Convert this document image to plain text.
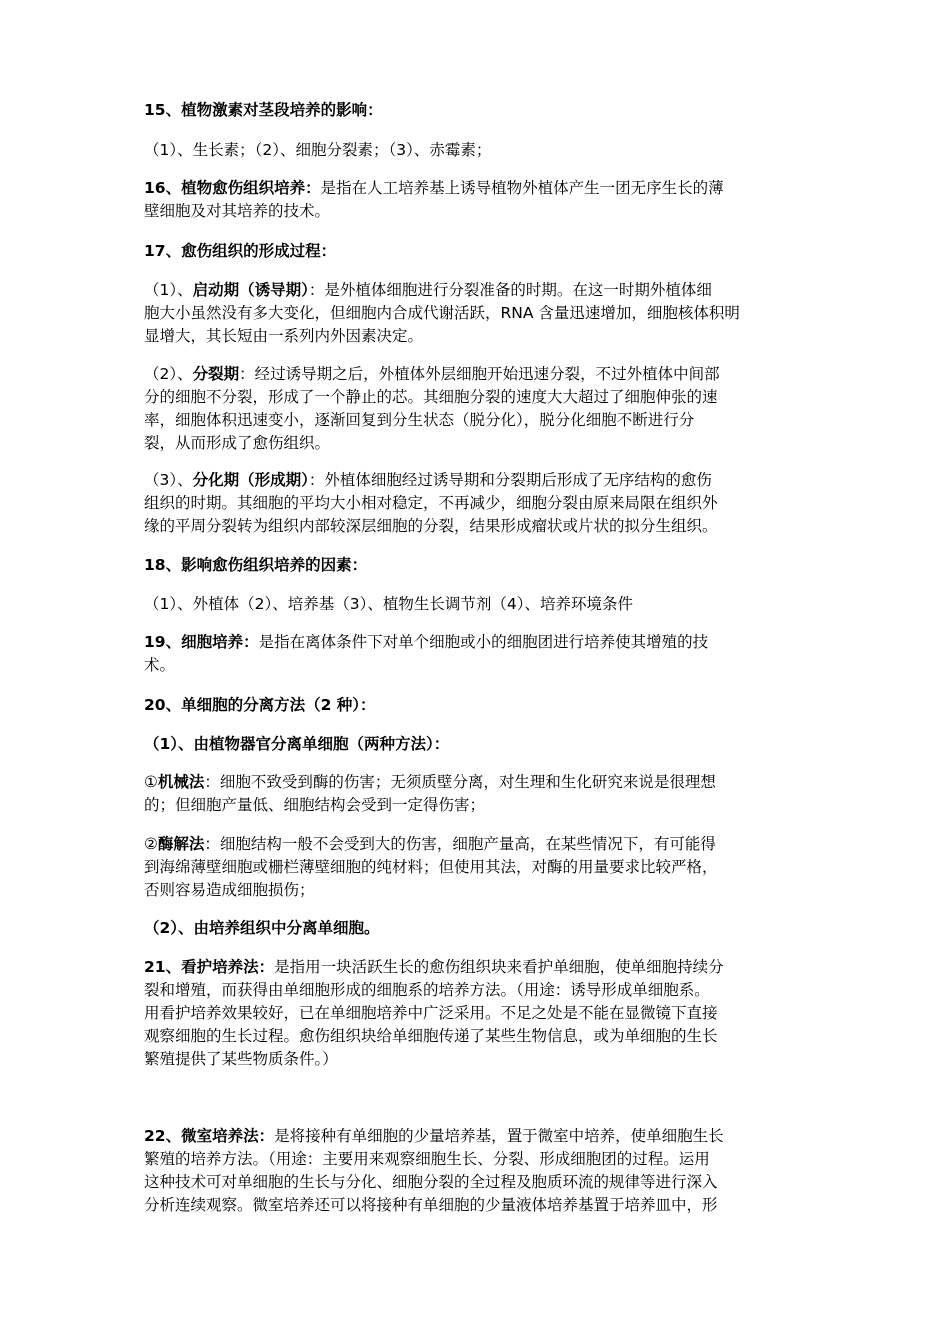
15、植物激素对茎段培养的影响：
（1）、生长素；（2）、细胞分裂素；（3）、赤霉素；
16、植物愈伤组织培养：是指在人工培养基上诱导植物外植体产生一团无序生长的薄
壁细胞及对其培养的技术。
17、愈伤组织的形成过程：
（1）、启动期（诱导期）：是外植体细胞进行分裂准备的时期。在这一时期外植体细
胞大小虽然没有多大变化，但细胞内合成代谢活跃，RNA 含量迅速增加，细胞核体积明
显增大，其长短由一系列内外因素决定。
（2）、分裂期：经过诱导期之后，外植体外层细胞开始迅速分裂，不过外植体中间部
分的细胞不分裂，形成了一个静止的芯。其细胞分裂的速度大大超过了细胞伸张的速
率，细胞体积迅速变小，逐渐回复到分生状态（脱分化），脱分化细胞不断进行分
裂，从而形成了愈伤组织。
（3）、分化期（形成期）：外植体细胞经过诱导期和分裂期后形成了无序结构的愈伤
组织的时期。其细胞的平均大小相对稳定，不再减少，细胞分裂由原来局限在组织外
缘的平周分裂转为组织内部较深层细胞的分裂，结果形成瘤状或片状的拟分生组织。
18、影响愈伤组织培养的因素：
（1）、外植体（2）、培养基（3）、植物生长调节剂（4）、培养环境条件
19、细胞培养：是指在离体条件下对单个细胞或小的细胞团进行培养使其增殖的技
术。
20、单细胞的分离方法（2 种）：
（1）、由植物器官分离单细胞（两种方法）：
①机械法：细胞不致受到酶的伤害；无须质壁分离，对生理和生化研究来说是很理想
的；但细胞产量低、细胞结构会受到一定得伤害；
②酶解法：细胞结构一般不会受到大的伤害，细胞产量高，在某些情况下，有可能得
到海绵薄壁细胞或栅栏薄壁细胞的纯材料；但使用其法，对酶的用量要求比较严格，
否则容易造成细胞损伤；
（2）、由培养组织中分离单细胞。
21、看护培养法：是指用一块活跃生长的愈伤组织块来看护单细胞，使单细胞持续分
裂和增殖，而获得由单细胞形成的细胞系的培养方法。（用途：诱导形成单细胞系。
用看护培养效果较好，已在单细胞培养中广泛采用。不足之处是不能在显微镜下直接
观察细胞的生长过程。愈伤组织块给单细胞传递了某些生物信息，或为单细胞的生长
繁殖提供了某些物质条件。）
22、微室培养法：是将接种有单细胞的少量培养基，置于微室中培养，使单细胞生长
繁殖的培养方法。（用途：主要用来观察细胞生长、分裂、形成细胞团的过程。运用
这种技术可对单细胞的生长与分化、细胞分裂的全过程及胞质环流的规律等进行深入
分析连续观察。微室培养还可以将接种有单细胞的少量液体培养基置于培养皿中，形
